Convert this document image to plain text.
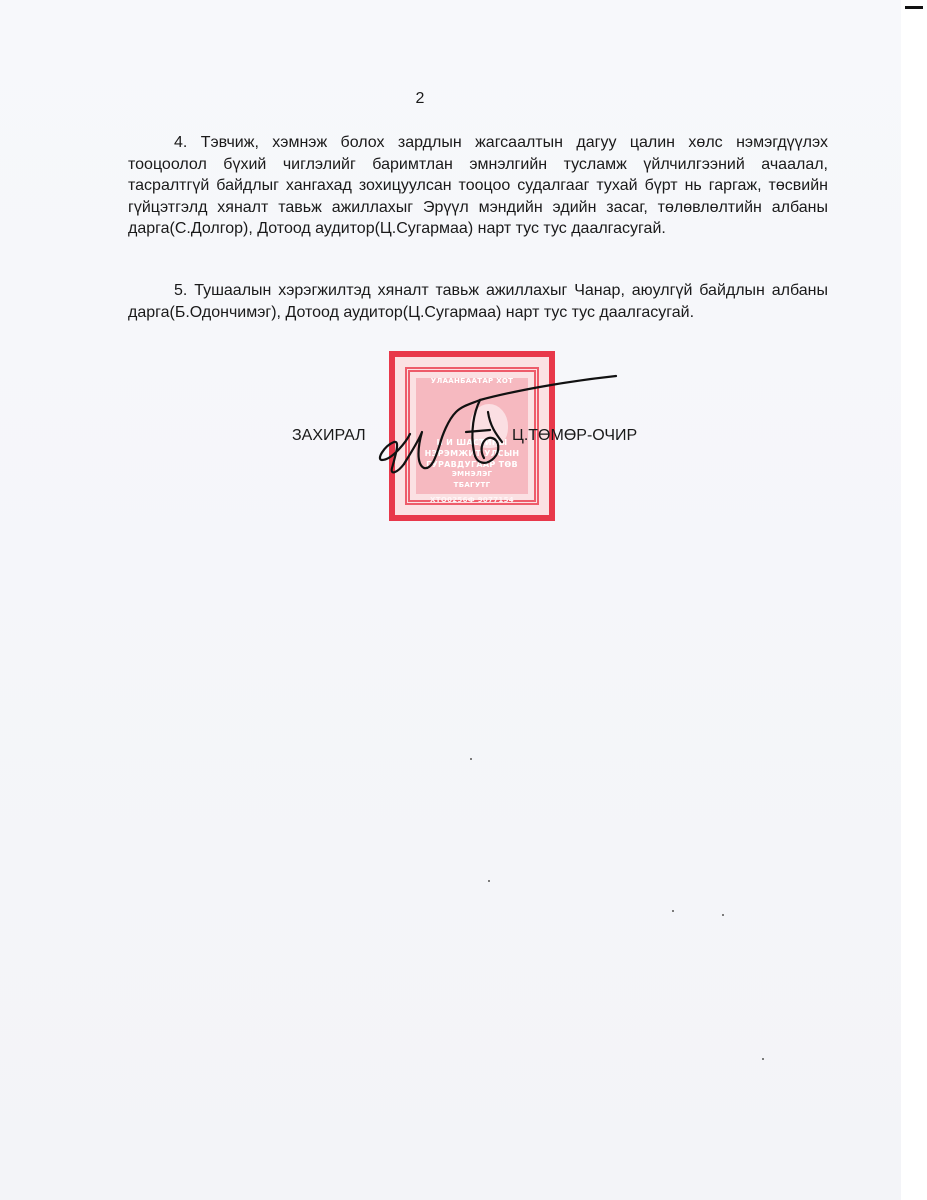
2

4. Тэвчиж, хэмнэж болох зардлын жагсаалтын дагуу цалин хөлс нэмэгдүүлэх тооцоолол бүхий чиглэлийг баримтлан эмнэлгийн тусламж үйлчилгээний ачаалал, тасралтгүй байдлыг хангахад зохицуулсан тооцоо судалгааг тухай бүрт нь гаргаж, төсвийн гүйцэтгэлд хяналт тавьж ажиллахыг Эрүүл мэндийн эдийн засаг, төлөвлөлтийн албаны дарга(С.Долгор), Дотоод аудитор(Ц.Сугармаа) нарт тус тус даалгасугай.

5. Тушаалын хэрэгжилтэд хяналт тавьж ажиллахыг Чанар, аюулгүй байдлын албаны дарга(Б.Одончимэг), Дотоод аудитор(Ц.Сугармаа) нарт тус тус даалгасугай.

УЛААНБААТАР ХОТ
II И ШАСТИНЫ
НЭРЭМЖИТ УЛСЫН
ГУРАВДУГААР ТӨВ
ЭМНЭЛЭГ
ТБАГУТГ
ХТО0256Ф 9077154
ЗАХИРАЛ	Ц.ТӨМӨР-ОЧИР
